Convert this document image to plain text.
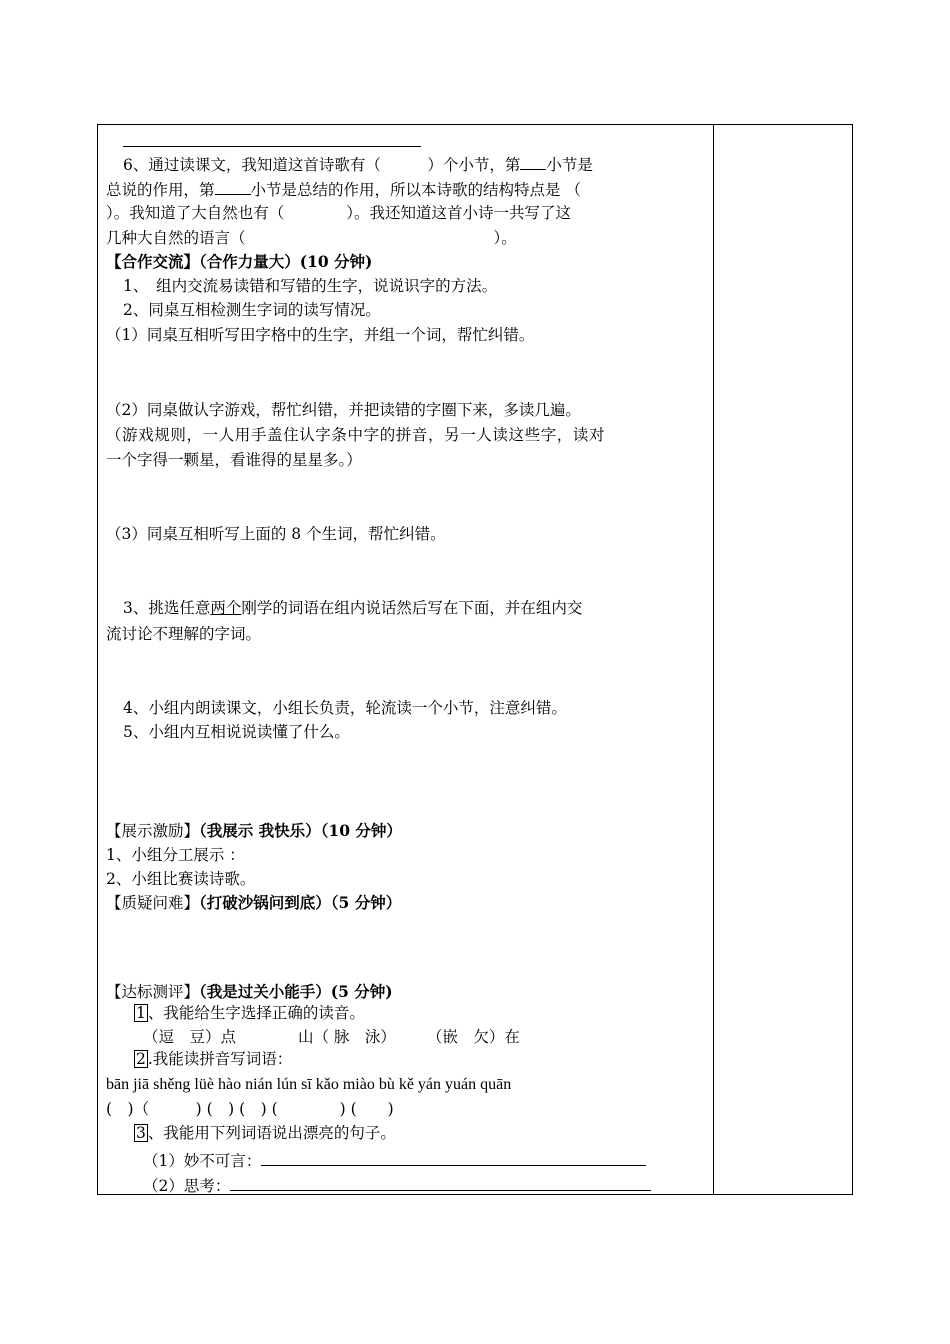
6、通过读课文，我知道这首诗歌有（　　　）个小节，第 小节是
总说的作用，第 小节是总结的作用，所以本诗歌的结构特点是 （
）。我知道了大自然也有（　　　　）。我还知道这首小诗一共写了这
几种大自然的语言（　　　　　　　　　　　　　　　　）。
【合作交流】（合作力量大）(10 分钟)
1、　组内交流易读错和写错的生字，说说识字的方法。
2、同桌互相检测生字词的读写情况。
（1）同桌互相听写田字格中的生字，并组一个词，帮忙纠错。
（2）同桌做认字游戏，帮忙纠错，并把读错的字圈下来，多读几遍。
（游戏规则，一人用手盖住认字条中字的拼音，另一人读这些字，读对
一个字得一颗星，看谁得的星星多。）
（3）同桌互相听写上面的 8 个生词，帮忙纠错。
3、挑选任意两个刚学的词语在组内说话然后写在下面，并在组内交
流讨论不理解的字词。
4、小组内朗读课文，小组长负责，轮流读一个小节，注意纠错。
5、小组内互相说说读懂了什么。
【展示激励】（我展示 我快乐）（10 分钟）
1、小组分工展示 ：
2、小组比赛读诗歌。
【质疑问难】（打破沙锅问到底）（5 分钟）
【达标测评】（我是过关小能手）(5 分钟)
1 、我能给生字选择正确的读音。
（逗　豆）点　　　　山（ 脉　泳）　　　（嵌　欠）在
2 .我能读拼音写词语：
bān jiā shěng lüè hào nián lún sī kǎo miào bù kě yán yuán quān
(　)（　　　) (　) (　) (　　　　) (　　)
3 、我能用下列词语说出漂亮的句子。
（1）妙不可言：
（2）思考：
